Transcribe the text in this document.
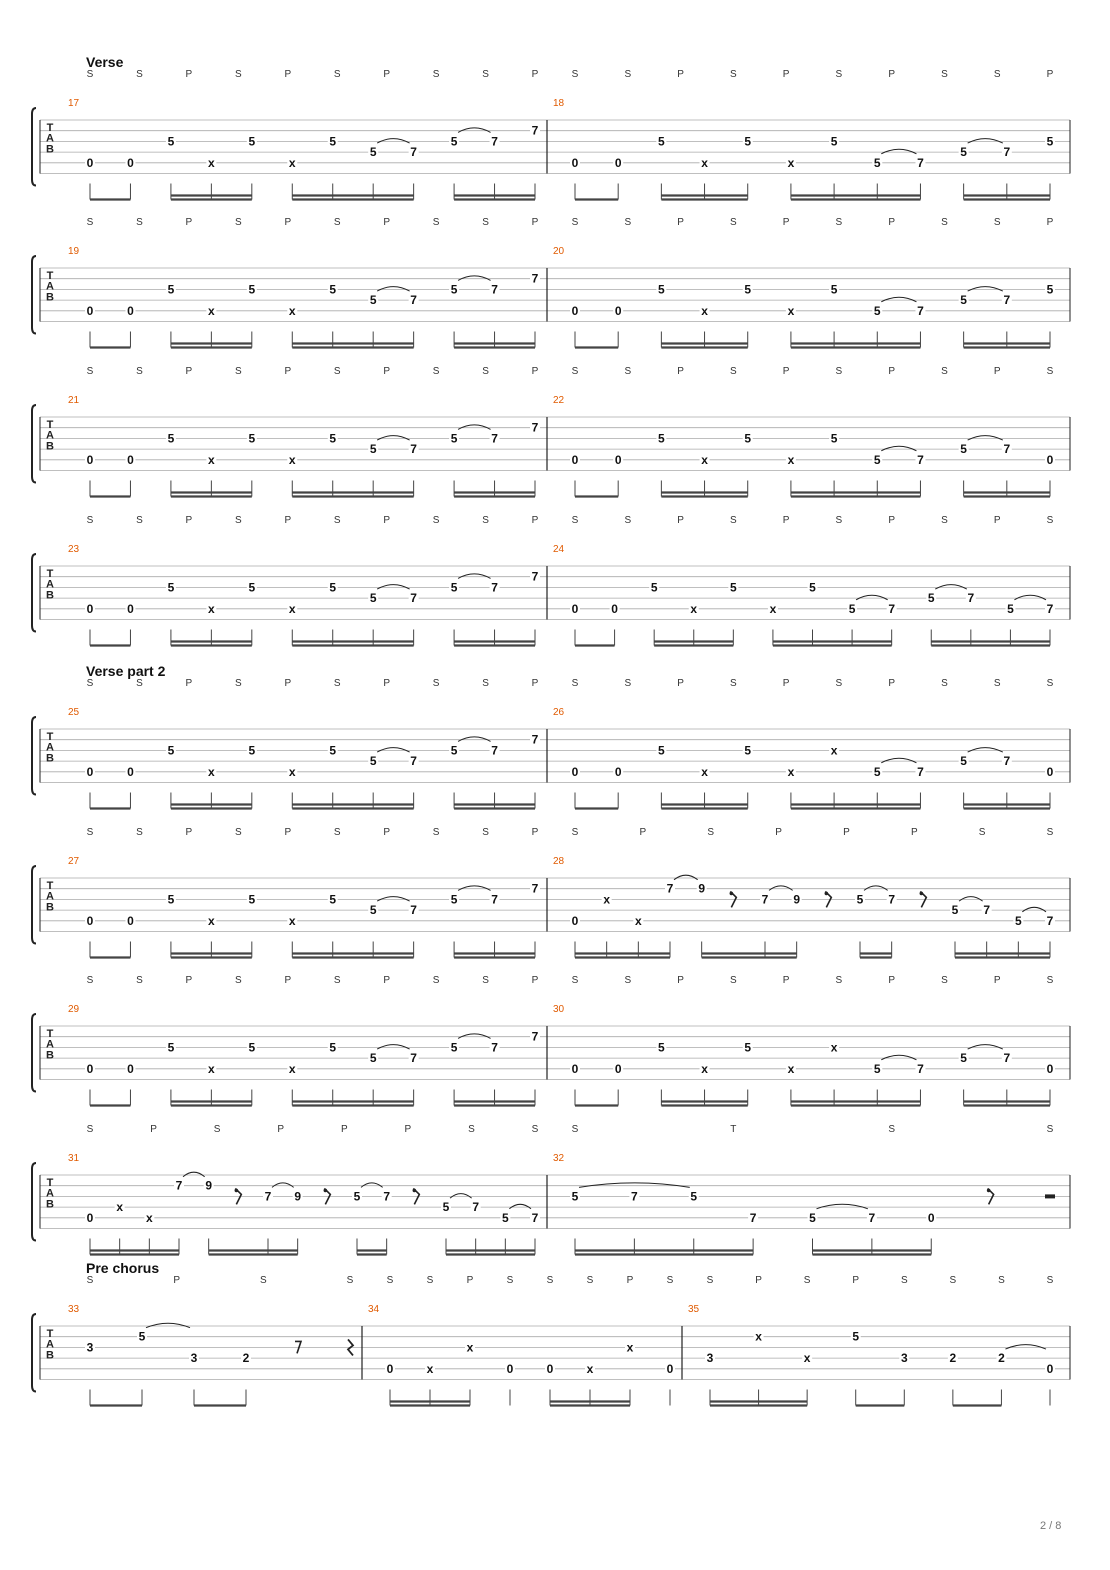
T
A
B
Verse
17
S	S	P	S	P	S	P	S	S	P
0	0
5
x
5
x
5
5	7
5	7
7
18
S	S	P	S	P	S	P	S	S	P
0	0
5
x
5
x
5
5	7
5	7
5
T
A
B
19
S	S	P	S	P	S	P	S	S	P
0	0
5
x
5
x
5
5	7
5	7
7
20
S	S	P	S	P	S	P	S	S	P
0	0
5
x
5
x
5
5	7
5	7
5
T
A
B
21
S	S	P	S	P	S	P	S	S	P
0	0
5
x
5
x
5
5	7
5	7
7
22
S	S	P	S	P	S	P	S	P	S
0	0
5
x
5
x
5
5	7
5	7
0
T
A
B
23
S	S	P	S	P	S	P	S	S	P
0	0
5
x
5
x
5
5	7
5	7
7
24
S	S	P	S	P	S	P	S	P	S
0	0
5
x
5
x
5
5	7
5	7
5	7
T
A
B
Verse part 2
25
S	S	P	S	P	S	P	S	S	P
0	0
5
x
5
x
5
5	7
5	7
7
26
S	S	P	S	P	S	P	S	S	S
0	0
5
x
5
x
x
5	7
5	7
0
T
A
B
27
S	S	P	S	P	S	P	S	S	P
0	0
5
x
5
x
5
5	7
5	7
7
28
S	P	S	P	P	P	S	S
0
x
x
7 9
7 9	5 7
5 7
5 7
T
A
B
29
S	S	P	S	P	S	P	S	S	P
0	0
5
x
5
x
5
5	7
5	7
7
30
S	S	P	S	P	S	P	S	P	S
0	0
5
x
5
x
x
5	7
5	7
0
T
A
B
31
S	P	S	P	P	P	S	S
0
x
x
7 9
7 9	5 7
5 7
5 7
32
S	T	S	S
5	7	5
7	5	7	0
T
A
B
Pre chorus
33
S	P	S	S
3
5
3	2
34
S	S	P	S	S	S	P	S
0	x
x
0	0	x
x
0
35
S	P	S	P	S	S	S	S
3
x
x
5
3	2	2
0
2 / 8
